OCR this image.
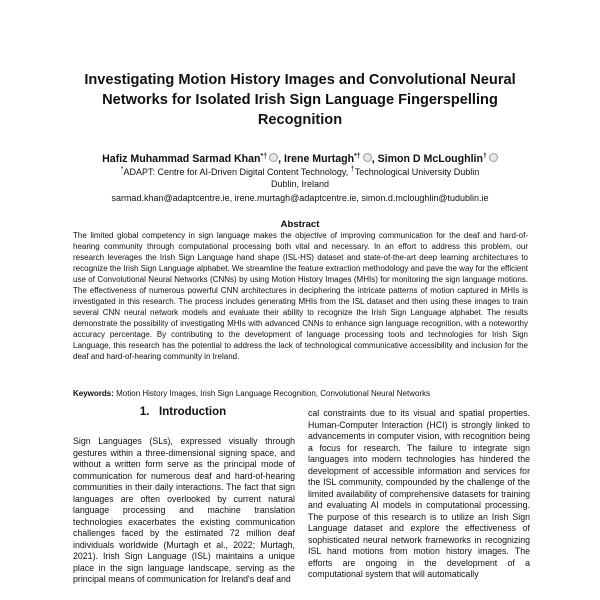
Investigating Motion History Images and Convolutional Neural Networks for Isolated Irish Sign Language Fingerspelling Recognition
Hafiz Muhammad Sarmad Khan*† , Irene Murtagh*† , Simon D McLoughlin†
*ADAPT: Centre for AI-Driven Digital Content Technology, †Technological University Dublin
Dublin, Ireland
sarmad.khan@adaptcentre.ie, irene.murtagh@adaptcentre.ie, simon.d.mcloughlin@tudublin.ie
Abstract
The limited global competency in sign language makes the objective of improving communication for the deaf and hard-of-hearing community through computational processing both vital and necessary. In an effort to address this problem, our research leverages the Irish Sign Language hand shape (ISL-HS) dataset and state-of-the-art deep learning architectures to recognize the Irish Sign Language alphabet. We streamline the feature extraction methodology and pave the way for the efficient use of Convolutional Neural Networks (CNNs) by using Motion History Images (MHIs) for monitoring the sign language motions. The effectiveness of numerous powerful CNN architectures in deciphering the intricate patterns of motion captured in MHIs is investigated in this research. The process includes generating MHIs from the ISL dataset and then using these images to train several CNN neural network models and evaluate their ability to recognize the Irish Sign Language alphabet. The results demonstrate the possibility of investigating MHIs with advanced CNNs to enhance sign language recognition, with a noteworthy accuracy percentage. By contributing to the development of language processing tools and technologies for Irish Sign Language, this research has the potential to address the lack of technological communicative accessibility and inclusion for the deaf and hard-of-hearing community in Ireland.
Keywords: Motion History Images, Irish Sign Language Recognition, Convolutional Neural Networks
1. Introduction
Sign Languages (SLs), expressed visually through gestures within a three-dimensional signing space, and without a written form serve as the principal mode of communication for numerous deaf and hard-of-hearing communities in their daily interactions. The fact that sign languages are often overlooked by current natural language processing and machine translation technologies exacerbates the existing communication challenges faced by the estimated 72 million deaf individuals worldwide (Murtagh et al., 2022; Murtagh, 2021). Irish Sign Language (ISL) maintains a unique place in the sign language landscape, serving as the principal means of communication for Ireland's deaf and
cal constraints due to its visual and spatial properties. Human-Computer Interaction (HCI) is strongly linked to advancements in computer vision, with recognition being a focus for research. The failure to integrate sign languages into modern technologies has hindered the development of accessible information and services for the ISL community, compounded by the challenge of the limited availability of comprehensive datasets for training and evaluating AI models in computational processing. The purpose of this research is to utilize an Irish Sign Language dataset and explore the effectiveness of sophisticated neural network frameworks in recognizing ISL hand motions from motion history images. The efforts are ongoing in the development of a computational system that will automatically
